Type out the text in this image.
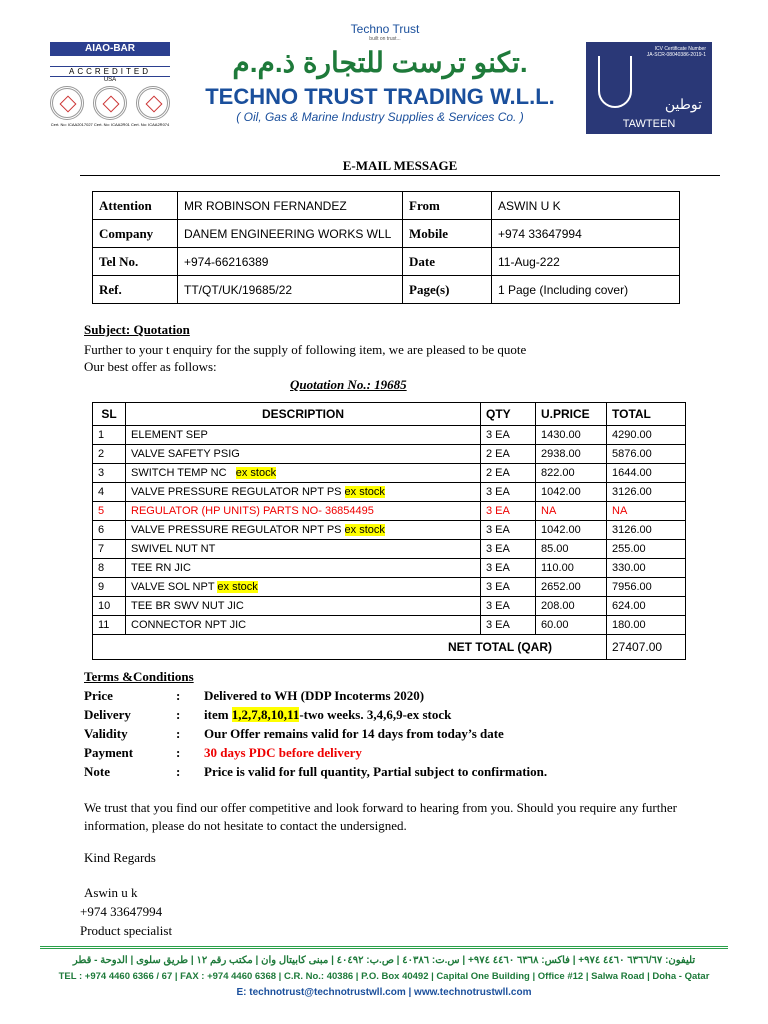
AIAO-BAR
ACCREDITED
USA
Cert. No: ICAA2017027 Cert. No: ICAA2R01 Cert. No: ICAA2R074
Techno Trust
built on trust...
تكنو ترست للتجارة ذ.م.م.
TECHNO TRUST TRADING W.L.L.
( Oil, Gas & Marine Industry Supplies & Services Co. )
ICV Certificate Number
JA-SCR-08040386-2019-1
توطين
TAWTEEN
E-MAIL MESSAGE
Attention	MR ROBINSON FERNANDEZ	From	ASWIN U K
Company	DANEM ENGINEERING WORKS WLL	Mobile	+974 33647994
Tel No.	+974-66216389	Date	11-Aug-222
Ref.	TT/QT/UK/19685/22	Page(s)	1 Page (Including cover)
Subject: Quotation
Further to your t enquiry for the supply of following item, we are pleased to be quote
Our best offer as follows:
Quotation No.: 19685
SL	DESCRIPTION	QTY	U.PRICE	TOTAL
1	ELEMENT SEP	3 EA	1430.00	4290.00
2	VALVE SAFETY PSIG	2 EA	2938.00	5876.00
3	SWITCH TEMP NC   ex stock	2 EA	822.00	1644.00
4	VALVE PRESSURE REGULATOR NPT PS ex stock	3 EA	1042.00	3126.00
5	REGULATOR (HP UNITS) PARTS NO- 36854495	3 EA	NA	NA
6	VALVE PRESSURE REGULATOR NPT PS ex stock	3 EA	1042.00	3126.00
7	SWIVEL NUT NT	3 EA	85.00	255.00
8	TEE RN JIC	3 EA	110.00	330.00
9	VALVE SOL NPT ex stock	3 EA	2652.00	7956.00
10	TEE BR SWV NUT JIC	3 EA	208.00	624.00
11	CONNECTOR NPT JIC	3 EA	60.00	180.00
NET TOTAL (QAR)				27407.00
Terms &Conditions
Price	:	Delivered to WH (DDP Incoterms 2020)
Delivery	:	item 1,2,7,8,10,11-two weeks. 3,4,6,9-ex stock
Validity	:	Our Offer remains valid for 14 days from today’s date
Payment	:	30 days PDC before delivery
Note	:	Price is valid for full quantity, Partial subject to confirmation.
We trust that you find our offer competitive and look forward to hearing from you. Should you require any further information, please do not hesitate to contact the undersigned.
Kind Regards
Aswin u k
+974 33647994
Product specialist
تليفون: ٦٣٦٦/٦٧ ٤٤٦٠ ٩٧٤+ | فاكس: ٦٣٦٨ ٤٤٦٠ ٩٧٤+ | س.ت: ٤٠٣٨٦ | ص.ب: ٤٠٤٩٢ | مبنى كابيتال وان | مكتب رقم ١٢ | طريق سلوى | الدوحة - قطر
TEL : +974 4460 6366 / 67 | FAX : +974 4460 6368 | C.R. No.: 40386 | P.O. Box 40492 | Capital One Building | Office #12 | Salwa Road | Doha - Qatar
E: technotrust@technotrustwll.com | www.technotrustwll.com
